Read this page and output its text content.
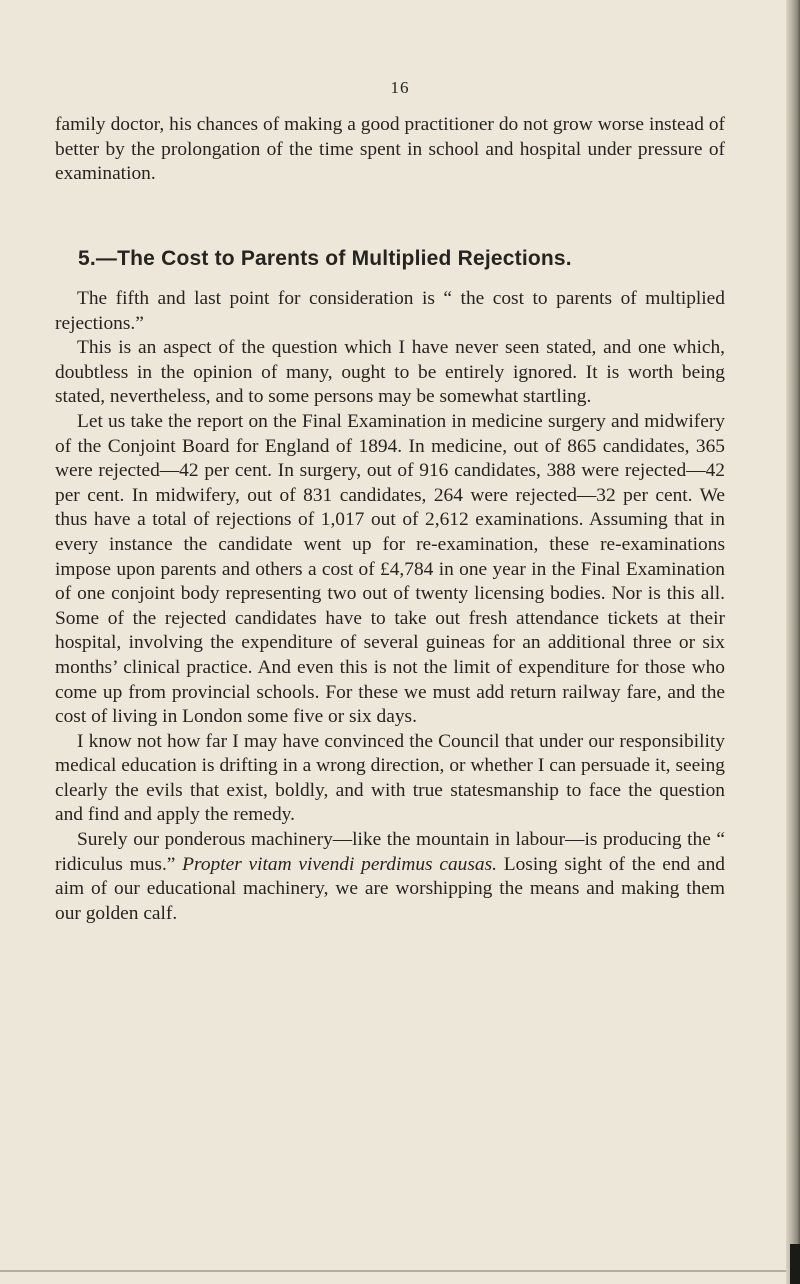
16

family doctor, his chances of making a good practitioner do not grow worse instead of better by the prolongation of the time spent in school and hospital under pressure of examination.

5.—The Cost to Parents of Multiplied Rejections.

The fifth and last point for consideration is “ the cost to parents of multiplied rejections.”

This is an aspect of the question which I have never seen stated, and one which, doubtless in the opinion of many, ought to be entirely ignored. It is worth being stated, nevertheless, and to some persons may be somewhat startling.

Let us take the report on the Final Examination in medicine surgery and midwifery of the Conjoint Board for England of 1894. In medicine, out of 865 candidates, 365 were rejected—42 per cent. In surgery, out of 916 candidates, 388 were rejected—42 per cent. In midwifery, out of 831 candidates, 264 were rejected—32 per cent. We thus have a total of rejections of 1,017 out of 2,612 examinations. Assuming that in every instance the candidate went up for re-examination, these re-examinations impose upon parents and others a cost of £4,784 in one year in the Final Examination of one conjoint body representing two out of twenty licensing bodies. Nor is this all. Some of the rejected candidates have to take out fresh attendance tickets at their hospital, involving the expenditure of several guineas for an additional three or six months’ clinical practice. And even this is not the limit of expenditure for those who come up from provincial schools. For these we must add return railway fare, and the cost of living in London some five or six days.

I know not how far I may have convinced the Council that under our responsibility medical education is drifting in a wrong direction, or whether I can persuade it, seeing clearly the evils that exist, boldly, and with true statesmanship to face the question and find and apply the remedy.

Surely our ponderous machinery—like the mountain in labour—is producing the “ ridiculus mus.” Propter vitam vivendi perdimus causas. Losing sight of the end and aim of our educational machinery, we are worshipping the means and making them our golden calf.
